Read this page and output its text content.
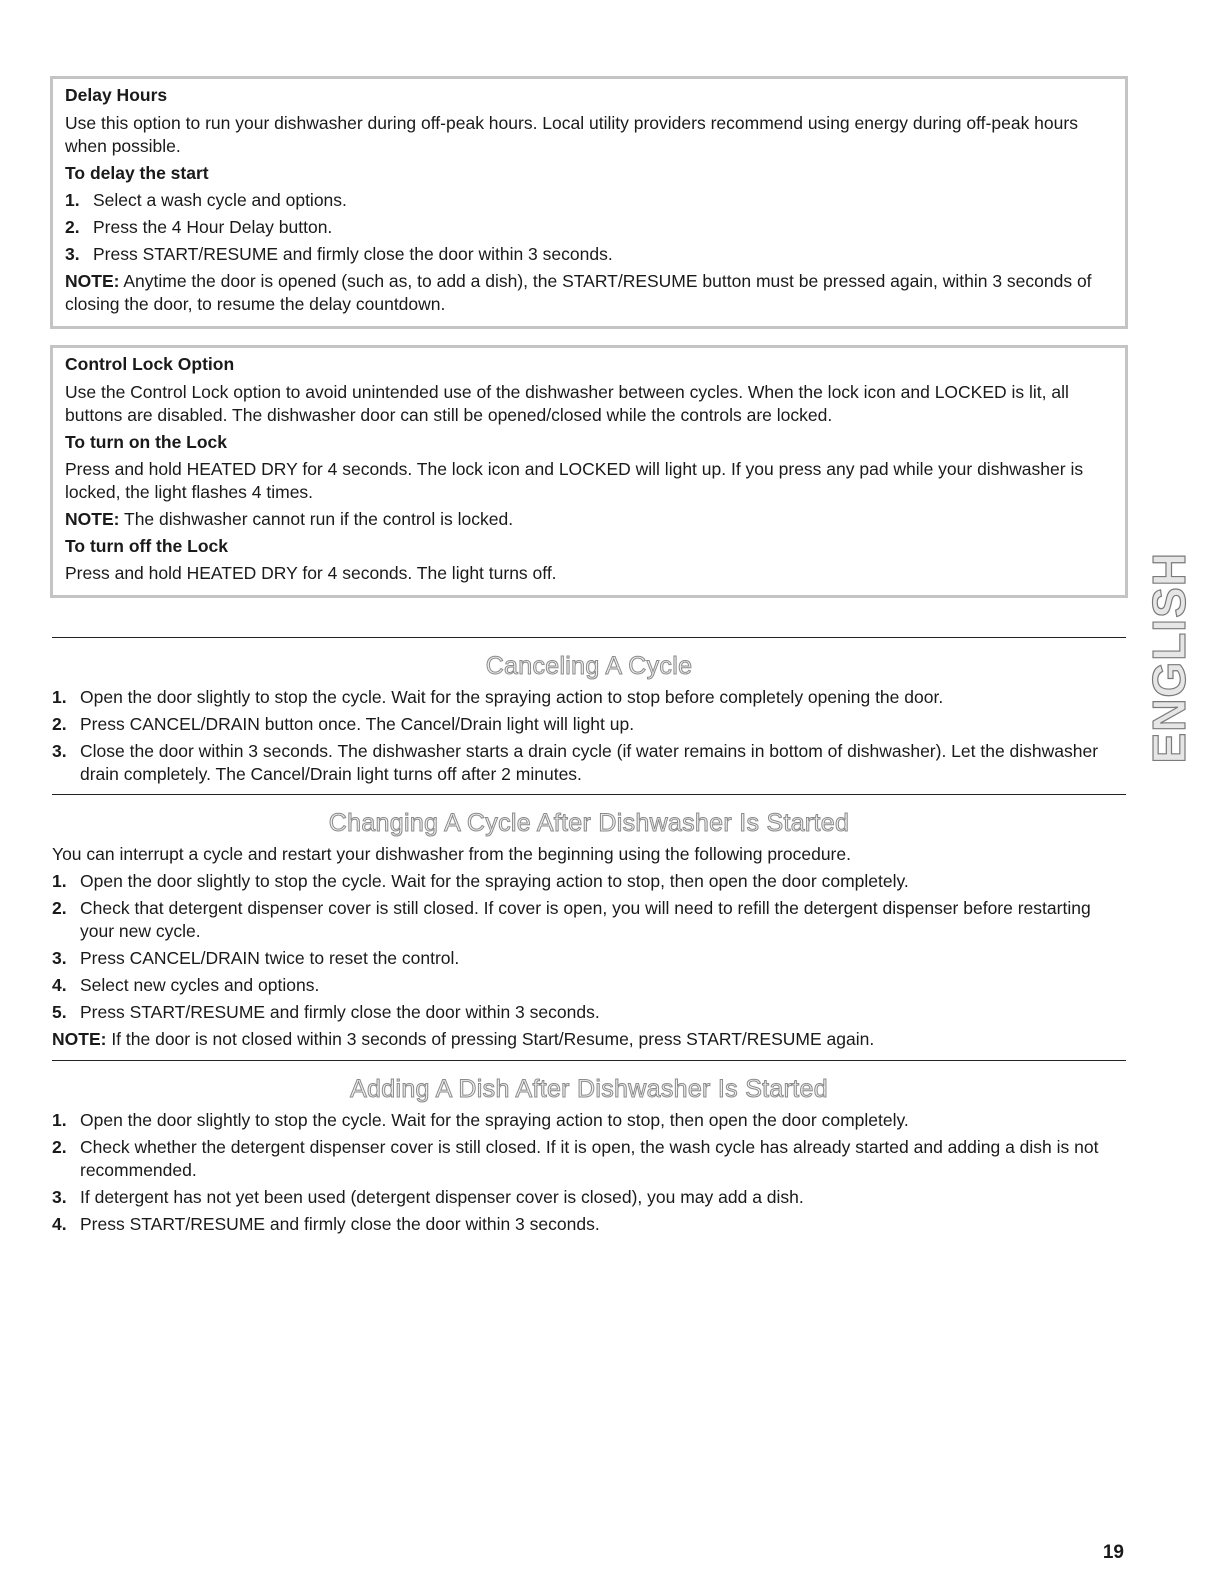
Delay Hours

Use this option to run your dishwasher during off-peak hours. Local utility providers recommend using energy during off-peak hours when possible.

To delay the start
1. Select a wash cycle and options.
2. Press the 4 Hour Delay button.
3. Press START/RESUME and firmly close the door within 3 seconds.

NOTE: Anytime the door is opened (such as, to add a dish), the START/RESUME button must be pressed again, within 3 seconds of closing the door, to resume the delay countdown.

Control Lock Option

Use the Control Lock option to avoid unintended use of the dishwasher between cycles. When the lock icon and LOCKED is lit, all buttons are disabled. The dishwasher door can still be opened/closed while the controls are locked.

To turn on the Lock

Press and hold HEATED DRY for 4 seconds. The lock icon and LOCKED will light up. If you press any pad while your dishwasher is locked, the light flashes 4 times.

NOTE: The dishwasher cannot run if the control is locked.

To turn off the Lock

Press and hold HEATED DRY for 4 seconds. The light turns off.

Canceling A Cycle
1. Open the door slightly to stop the cycle. Wait for the spraying action to stop before completely opening the door.
2. Press CANCEL/DRAIN button once. The Cancel/Drain light will light up.
3. Close the door within 3 seconds. The dishwasher starts a drain cycle (if water remains in bottom of dishwasher). Let the dishwasher drain completely. The Cancel/Drain light turns off after 2 minutes.
Changing A Cycle After Dishwasher Is Started

You can interrupt a cycle and restart your dishwasher from the beginning using the following procedure.

1. Open the door slightly to stop the cycle. Wait for the spraying action to stop, then open the door completely.
2. Check that detergent dispenser cover is still closed. If cover is open, you will need to refill the detergent dispenser before restarting your new cycle.
3. Press CANCEL/DRAIN twice to reset the control.
4. Select new cycles and options.
5. Press START/RESUME and firmly close the door within 3 seconds.

NOTE: If the door is not closed within 3 seconds of pressing Start/Resume, press START/RESUME again.

Adding A Dish After Dishwasher Is Started
1. Open the door slightly to stop the cycle. Wait for the spraying action to stop, then open the door completely.
2. Check whether the detergent dispenser cover is still closed. If it is open, the wash cycle has already started and adding a dish is not recommended.
3. If detergent has not yet been used (detergent dispenser cover is closed), you may add a dish.
4. Press START/RESUME and firmly close the door within 3 seconds.
ENGLISH
19
